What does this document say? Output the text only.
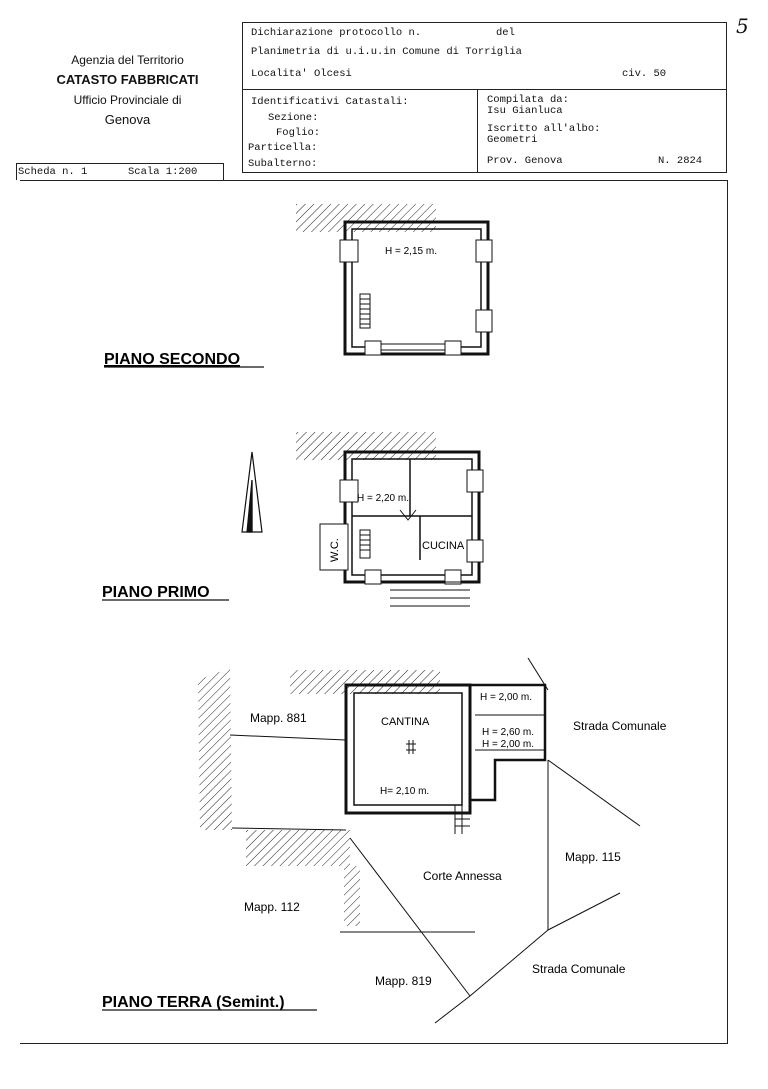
5
Agenzia del Territorio
CATASTO FABBRICATI
Ufficio Provinciale di
Genova
Dichiarazione protocollo n.	del
Planimetria di u.i.u.in Comune di Torriglia
Localita' Olcesi	civ. 50
Identificativi Catastali:
Sezione:
Foglio:
Particella:
Subalterno:
Compilata da:
Isu Gianluca
Iscritto all'albo:
Geometri
Prov. Genova	N. 2824
Scheda n. 1	Scala 1:200
H = 2,15 m.
PIANO SECONDO
H = 2,20 m.
W.C.	CUCINA
PIANO PRIMO
CANTINA
H= 2,10 m.
H = 2,00 m.
H = 2,60 m.
H = 2,00 m.
Mapp. 881
Strada Comunale
Mapp. 115
Corte Annessa
Mapp. 112
Mapp. 819
Strada Comunale
PIANO TERRA (Semint.)
